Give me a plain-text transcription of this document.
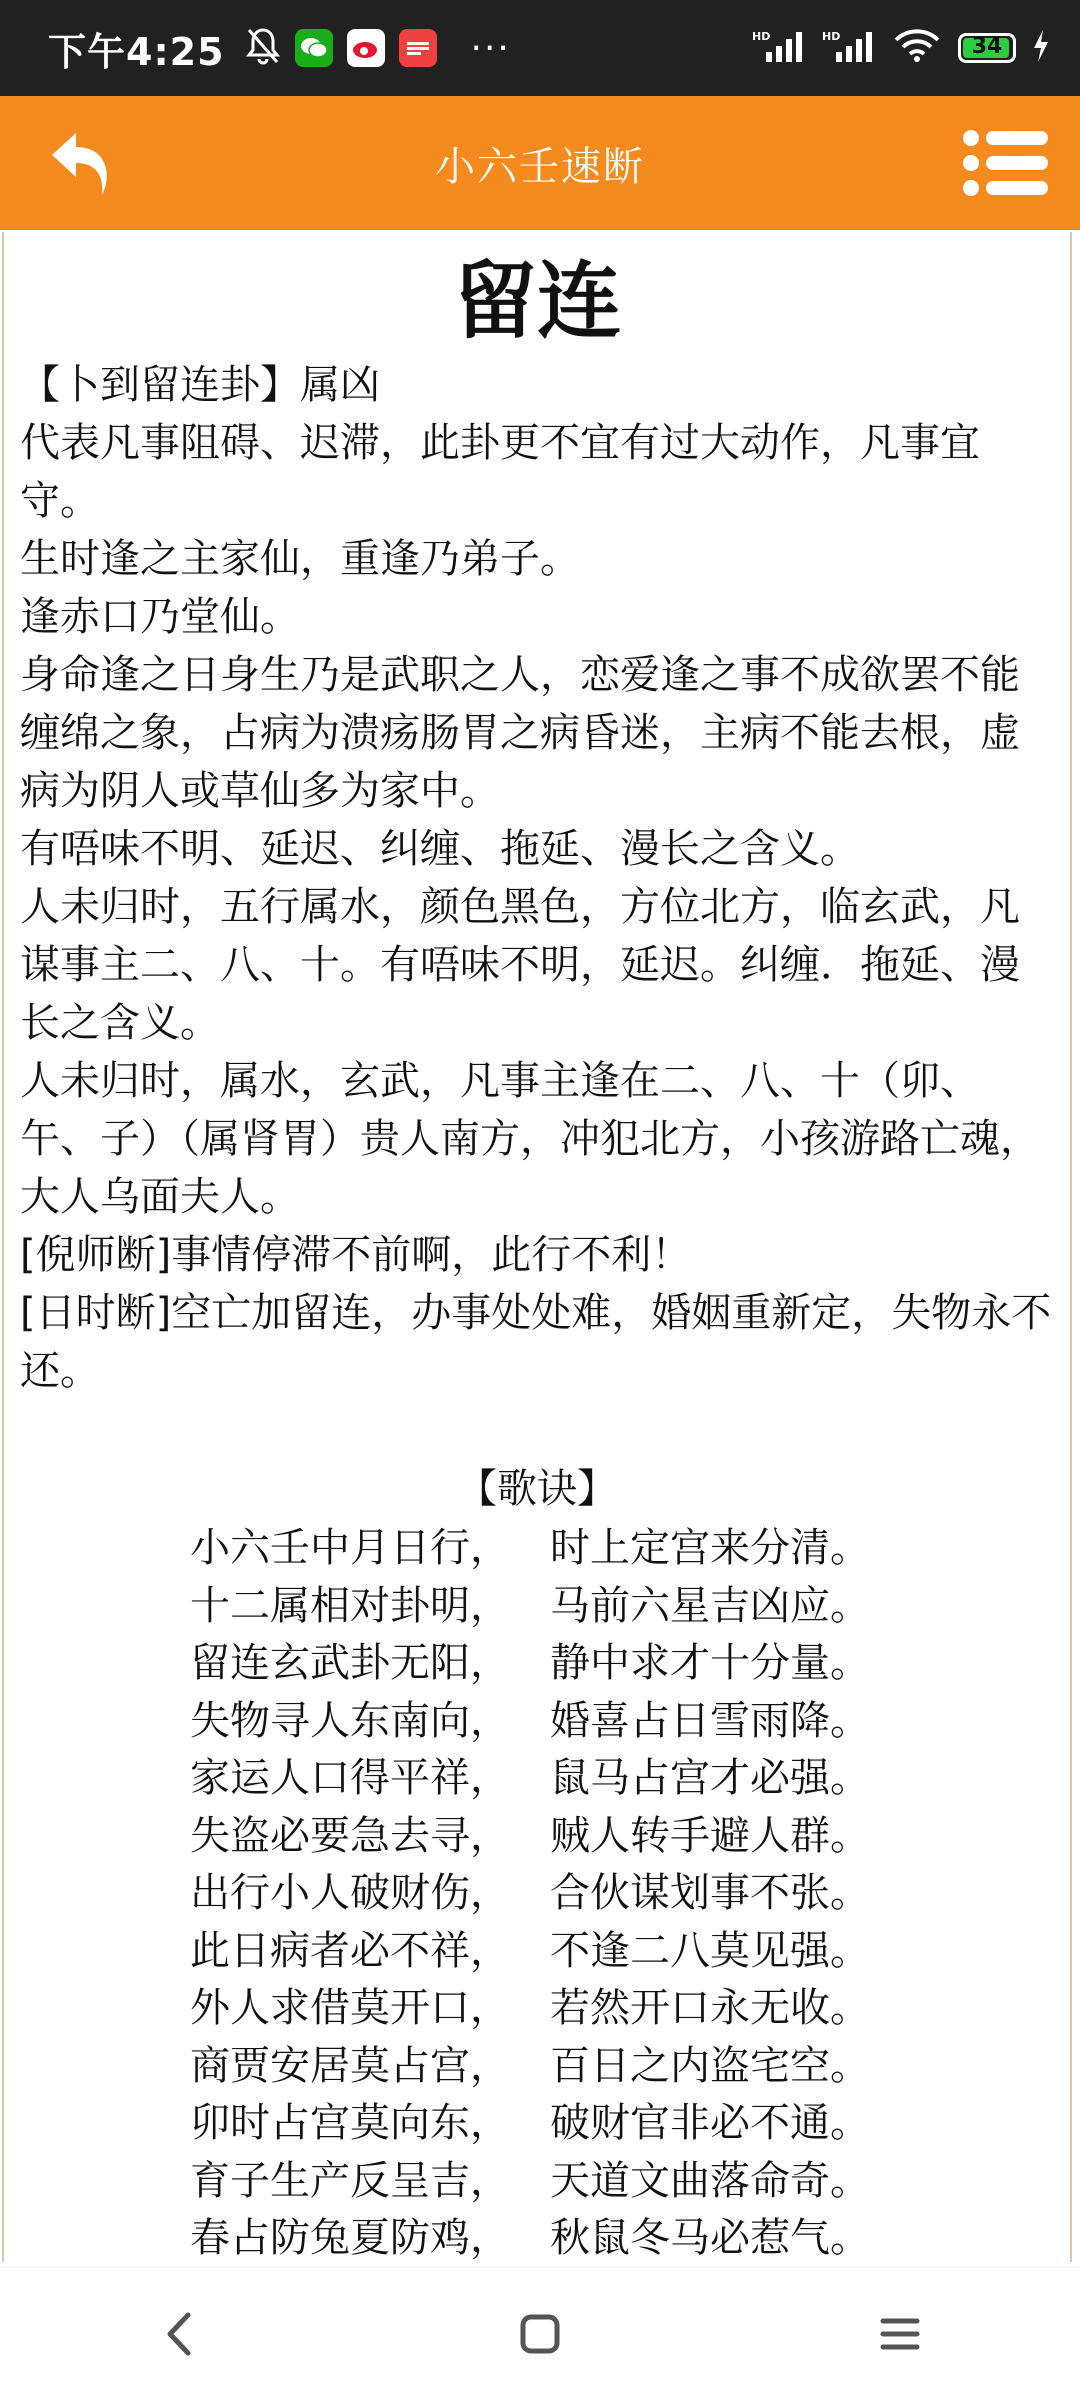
下午4:25	···	HD	HD	34
小六壬速断
留连

【卜到留连卦】属凶

代表凡事阻碍、迟滞，此卦更不宜有过大动作，凡事宜守。

生时逢之主家仙，重逢乃弟子。

逢赤口乃堂仙。

身命逢之日身生乃是武职之人，恋爱逢之事不成欲罢不能缠绵之象，占病为溃疡肠胃之病昏迷，主病不能去根，虚病为阴人或草仙多为家中。

有唔味不明、延迟、纠缠、拖延、漫长之含义。

人未归时，五行属水，颜色黑色，方位北方，临玄武，凡谋事主二、八、十。有唔味不明，延迟。纠缠．拖延、漫长之含义。

人未归时，属水，玄武，凡事主逢在二、八、十（卯、午、子）（属肾胃）贵人南方，冲犯北方，小孩游路亡魂，大人乌面夫人。

[倪师断]事情停滞不前啊，此行不利！

[日时断]空亡加留连，办事处处难，婚姻重新定，失物永不还。

【歌诀】
小六壬中月日行，	时上定宫来分清。
十二属相对卦明，	马前六星吉凶应。
留连玄武卦无阳，	静中求才十分量。
失物寻人东南向，	婚喜占日雪雨降。
家运人口得平祥，	鼠马占宫才必强。
失盗必要急去寻，	贼人转手避人群。
出行小人破财伤，	合伙谋划事不张。
此日病者必不祥，	不逢二八莫见强。
外人求借莫开口，	若然开口永无收。
商贾安居莫占宫，	百日之内盗宅空。
卯时占宫莫向东，	破财官非必不通。
育子生产反呈吉，	天道文曲落命奇。
春占防兔夏防鸡，	秋鼠冬马必惹气。
